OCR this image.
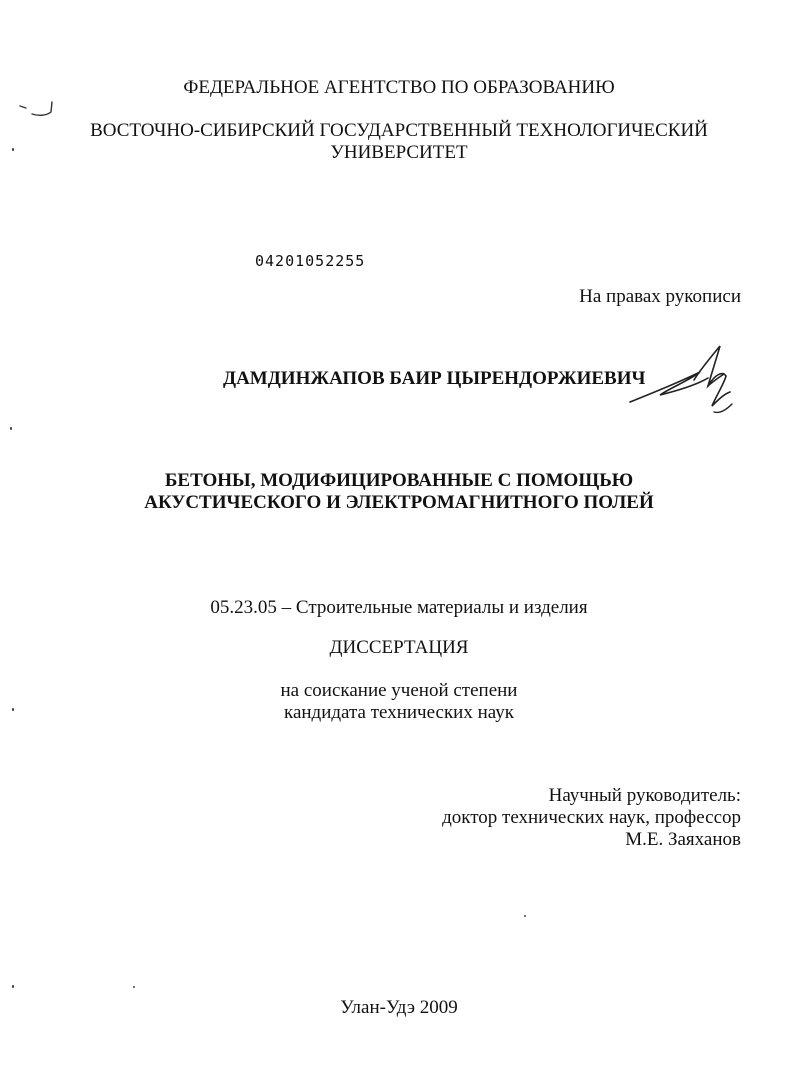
ФЕДЕРАЛЬНОЕ АГЕНТСТВО ПО ОБРАЗОВАНИЮ
ВОСТОЧНО-СИБИРСКИЙ ГОСУДАРСТВЕННЫЙ ТЕХНОЛОГИЧЕСКИЙ
УНИВЕРСИТЕТ
04201052255
На правах рукописи
ДАМДИНЖАПОВ БАИР ЦЫРЕНДОРЖИЕВИЧ
БЕТОНЫ, МОДИФИЦИРОВАННЫЕ С ПОМОЩЬЮ
АКУСТИЧЕСКОГО И ЭЛЕКТРОМАГНИТНОГО ПОЛЕЙ
05.23.05 – Строительные материалы и изделия
ДИССЕРТАЦИЯ
на соискание ученой степени
кандидата технических наук
Научный руководитель:
доктор технических наук, профессор
М.Е. Заяханов
Улан-Удэ 2009
